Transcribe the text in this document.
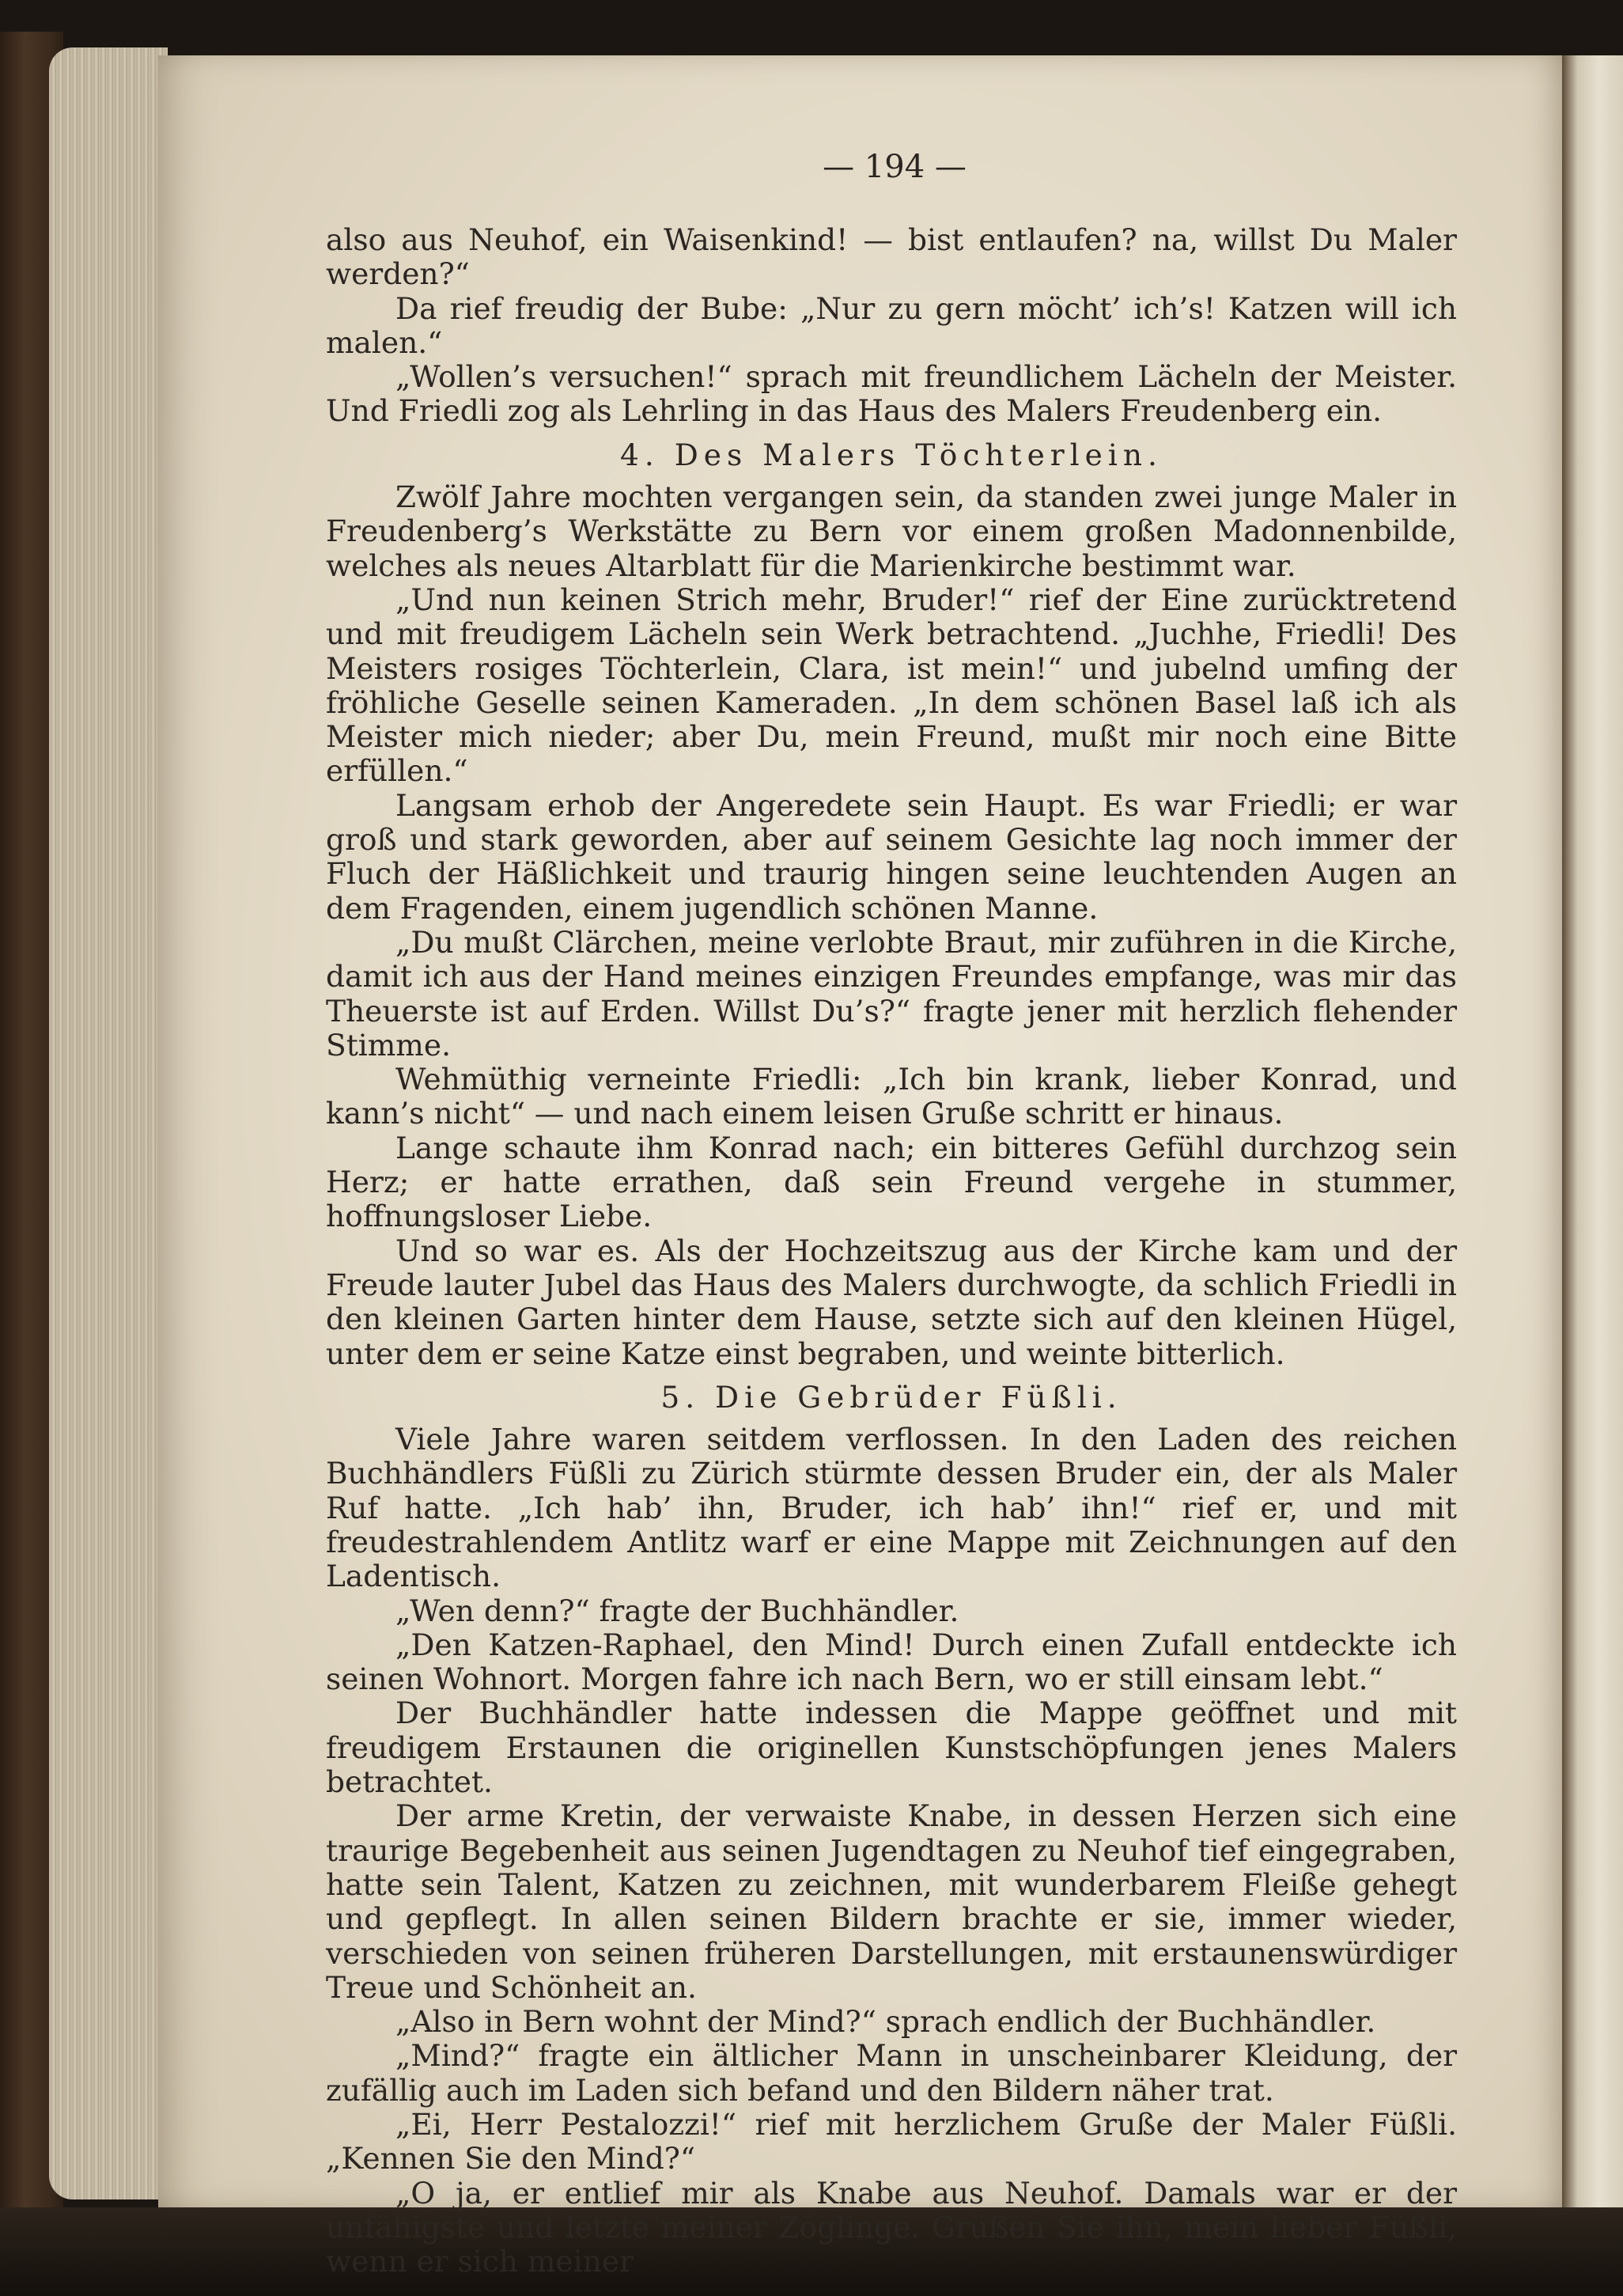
— 194 —

also aus Neuhof, ein Waisenkind! — bist entlaufen? na, willst Du Maler werden?“

Da rief freudig der Bube: „Nur zu gern möcht’ ich’s! Katzen will ich malen.“

„Wollen’s versuchen!“ sprach mit freundlichem Lächeln der Meister. Und Friedli zog als Lehrling in das Haus des Malers Freudenberg ein.

4. Des Malers Töchterlein.

Zwölf Jahre mochten vergangen sein, da standen zwei junge Maler in Freudenberg’s Werkstätte zu Bern vor einem großen Madonnenbilde, welches als neues Altarblatt für die Marienkirche bestimmt war.

„Und nun keinen Strich mehr, Bruder!“ rief der Eine zurücktretend und mit freudigem Lächeln sein Werk betrachtend. „Juchhe, Friedli! Des Meisters rosiges Töchterlein, Clara, ist mein!“ und jubelnd umfing der fröhliche Geselle seinen Kameraden. „In dem schönen Basel laß ich als Meister mich nieder; aber Du, mein Freund, mußt mir noch eine Bitte erfüllen.“

Langsam erhob der Angeredete sein Haupt. Es war Friedli; er war groß und stark geworden, aber auf seinem Gesichte lag noch immer der Fluch der Häßlichkeit und traurig hingen seine leuchtenden Augen an dem Fragenden, einem jugendlich schönen Manne.

„Du mußt Clärchen, meine verlobte Braut, mir zuführen in die Kirche, damit ich aus der Hand meines einzigen Freundes empfange, was mir das Theuerste ist auf Erden. Willst Du’s?“ fragte jener mit herzlich flehender Stimme.

Wehmüthig verneinte Friedli: „Ich bin krank, lieber Konrad, und kann’s nicht“ — und nach einem leisen Gruße schritt er hinaus.

Lange schaute ihm Konrad nach; ein bitteres Gefühl durchzog sein Herz; er hatte errathen, daß sein Freund vergehe in stummer, hoffnungsloser Liebe.

Und so war es. Als der Hochzeitszug aus der Kirche kam und der Freude lauter Jubel das Haus des Malers durchwogte, da schlich Friedli in den kleinen Garten hinter dem Hause, setzte sich auf den kleinen Hügel, unter dem er seine Katze einst begraben, und weinte bitterlich.

5. Die Gebrüder Füßli.

Viele Jahre waren seitdem verflossen. In den Laden des reichen Buchhändlers Füßli zu Zürich stürmte dessen Bruder ein, der als Maler Ruf hatte. „Ich hab’ ihn, Bruder, ich hab’ ihn!“ rief er, und mit freudestrahlendem Antlitz warf er eine Mappe mit Zeichnungen auf den Ladentisch.

„Wen denn?“ fragte der Buchhändler.

„Den Katzen-Raphael, den Mind! Durch einen Zufall entdeckte ich seinen Wohnort. Morgen fahre ich nach Bern, wo er still einsam lebt.“

Der Buchhändler hatte indessen die Mappe geöffnet und mit freudigem Erstaunen die originellen Kunstschöpfungen jenes Malers betrachtet.

Der arme Kretin, der verwaiste Knabe, in dessen Herzen sich eine traurige Begebenheit aus seinen Jugendtagen zu Neuhof tief eingegraben, hatte sein Talent, Katzen zu zeichnen, mit wunderbarem Fleiße gehegt und gepflegt. In allen seinen Bildern brachte er sie, immer wieder, verschieden von seinen früheren Darstellungen, mit erstaunenswürdiger Treue und Schönheit an.

„Also in Bern wohnt der Mind?“ sprach endlich der Buchhändler.

„Mind?“ fragte ein ältlicher Mann in unscheinbarer Kleidung, der zufällig auch im Laden sich befand und den Bildern näher trat.

„Ei, Herr Pestalozzi!“ rief mit herzlichem Gruße der Maler Füßli. „Kennen Sie den Mind?“

„O ja, er entlief mir als Knabe aus Neuhof. Damals war er der unfähigste und letzte meiner Zöglinge. Grüßen Sie ihn, mein lieber Füßli, wenn er sich meiner
